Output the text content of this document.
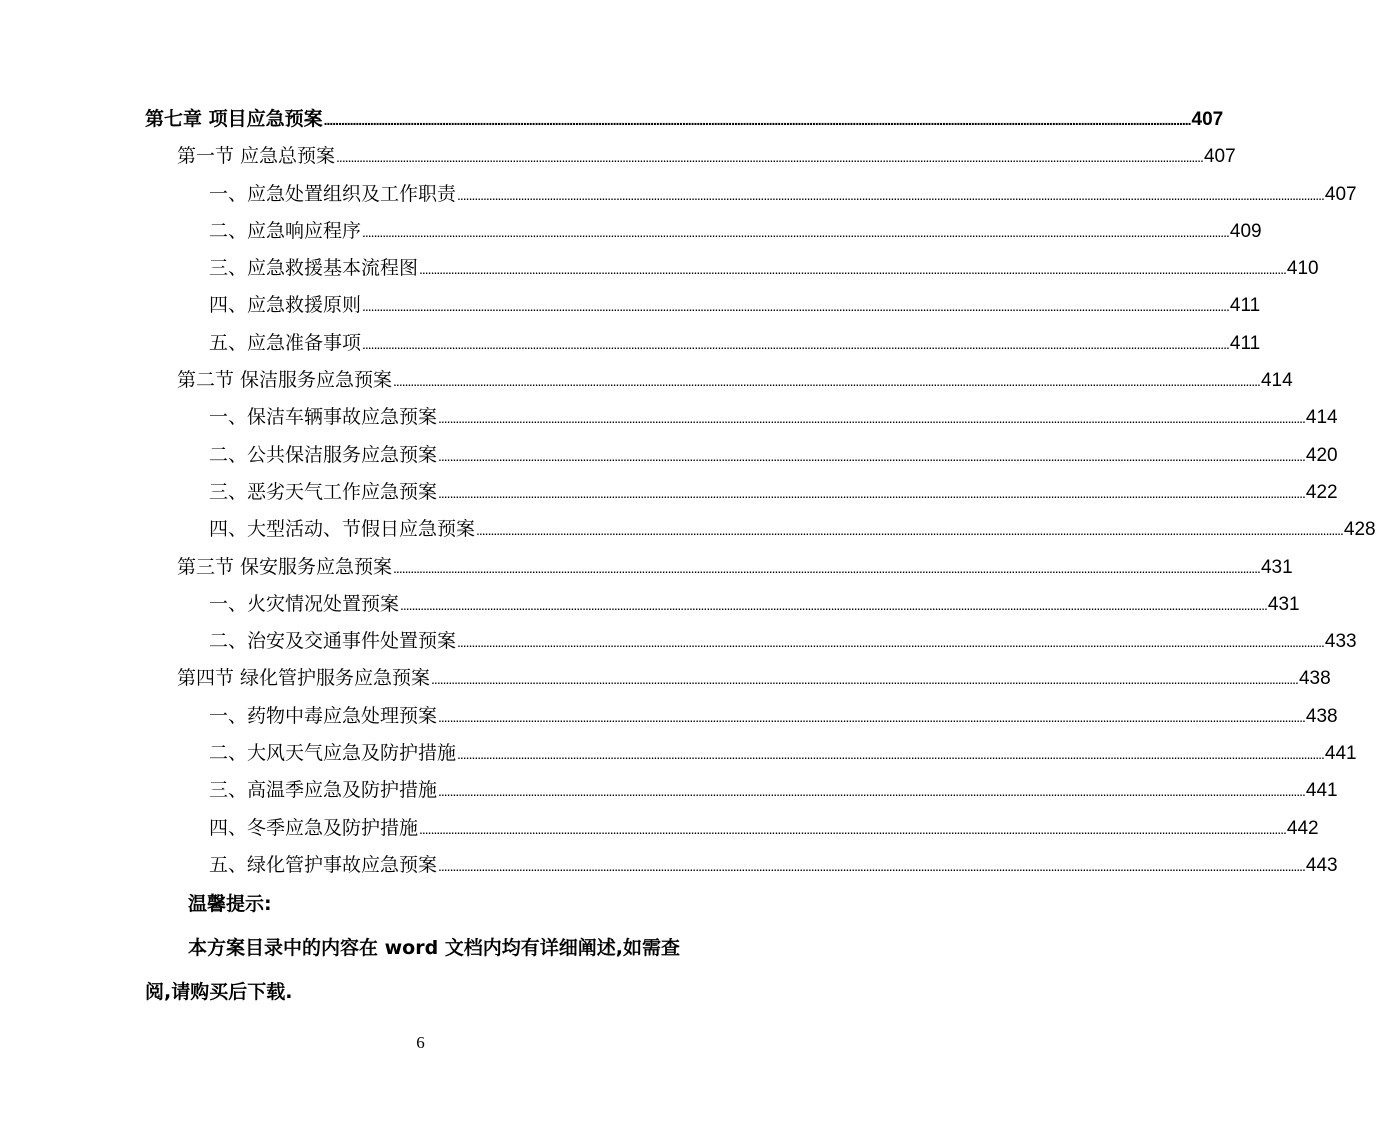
第七章 项目应急预案 ............................................................................................................................................................................................................................................................................................................ 407
第一节 应急总预案 ............................................................................................................................................................................................................................................................................................................ 407
一、应急处置组织及工作职责 ............................................................................................................................................................................................................................................................................................................ 407
二、应急响应程序 ............................................................................................................................................................................................................................................................................................................ 409
三、应急救援基本流程图 ............................................................................................................................................................................................................................................................................................................ 410
四、应急救援原则 ............................................................................................................................................................................................................................................................................................................ 411
五、应急准备事项 ............................................................................................................................................................................................................................................................................................................ 411
第二节 保洁服务应急预案 ............................................................................................................................................................................................................................................................................................................ 414
一、保洁车辆事故应急预案 ............................................................................................................................................................................................................................................................................................................ 414
二、公共保洁服务应急预案 ............................................................................................................................................................................................................................................................................................................ 420
三、恶劣天气工作应急预案 ............................................................................................................................................................................................................................................................................................................ 422
四、大型活动、节假日应急预案 ............................................................................................................................................................................................................................................................................................................ 428
第三节 保安服务应急预案 ............................................................................................................................................................................................................................................................................................................ 431
一、火灾情况处置预案 ............................................................................................................................................................................................................................................................................................................ 431
二、治安及交通事件处置预案 ............................................................................................................................................................................................................................................................................................................ 433
第四节 绿化管护服务应急预案 ............................................................................................................................................................................................................................................................................................................ 438
一、药物中毒应急处理预案 ............................................................................................................................................................................................................................................................................................................ 438
二、大风天气应急及防护措施 ............................................................................................................................................................................................................................................................................................................ 441
三、高温季应急及防护措施 ............................................................................................................................................................................................................................................................................................................ 441
四、冬季应急及防护措施 ............................................................................................................................................................................................................................................................................................................ 442
五、绿化管护事故应急预案 ............................................................................................................................................................................................................................................................................................................ 443
温馨提示:

本方案目录中的内容在 word 文档内均有详细阐述,如需查阅,请购买后下载.

6
